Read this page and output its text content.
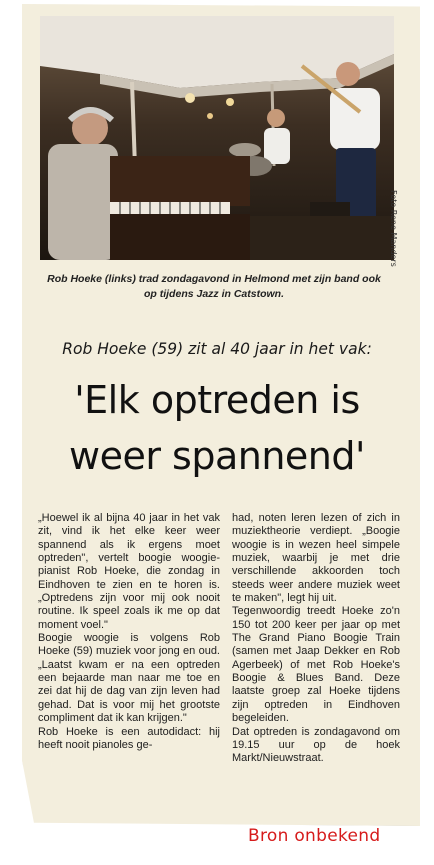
Foto Rene Manders
Rob Hoeke (links) trad zondagavond in Helmond met zijn band ook op tijdens Jazz in Catstown.
Rob Hoeke (59) zit al 40 jaar in het vak:
'Elk optreden is weer spannend'

„Hoewel ik al bijna 40 jaar in het vak zit, vind ik het elke keer weer spannend als ik ergens moet optreden", vertelt boogie woogie-pianist Rob Hoeke, die zondag in Eindhoven te zien en te horen is. „Optredens zijn voor mij ook nooit routine. Ik speel zoals ik me op dat moment voel."

Boogie woogie is volgens Rob Hoeke (59) muziek voor jong en oud. „Laatst kwam er na een optreden een bejaarde man naar me toe en zei dat hij de dag van zijn leven had gehad. Dat is voor mij het grootste compliment dat ik kan krijgen."

Rob Hoeke is een autodidact: hij heeft nooit pianoles ge-

had, noten leren lezen of zich in muziektheorie verdiept. „Boogie woogie is in wezen heel simpele muziek, waarbij je met drie verschillende akkoorden toch steeds weer andere muziek weet te maken", legt hij uit.

Tegenwoordig treedt Hoeke zo'n 150 tot 200 keer per jaar op met The Grand Piano Boogie Train (samen met Jaap Dekker en Rob Agerbeek) of met Rob Hoeke's Boogie & Blues Band. Deze laatste groep zal Hoeke tijdens zijn optreden in Eindhoven begeleiden.

Dat optreden is zondagavond om 19.15 uur op de hoek Markt/Nieuwstraat.

Bron onbekend
